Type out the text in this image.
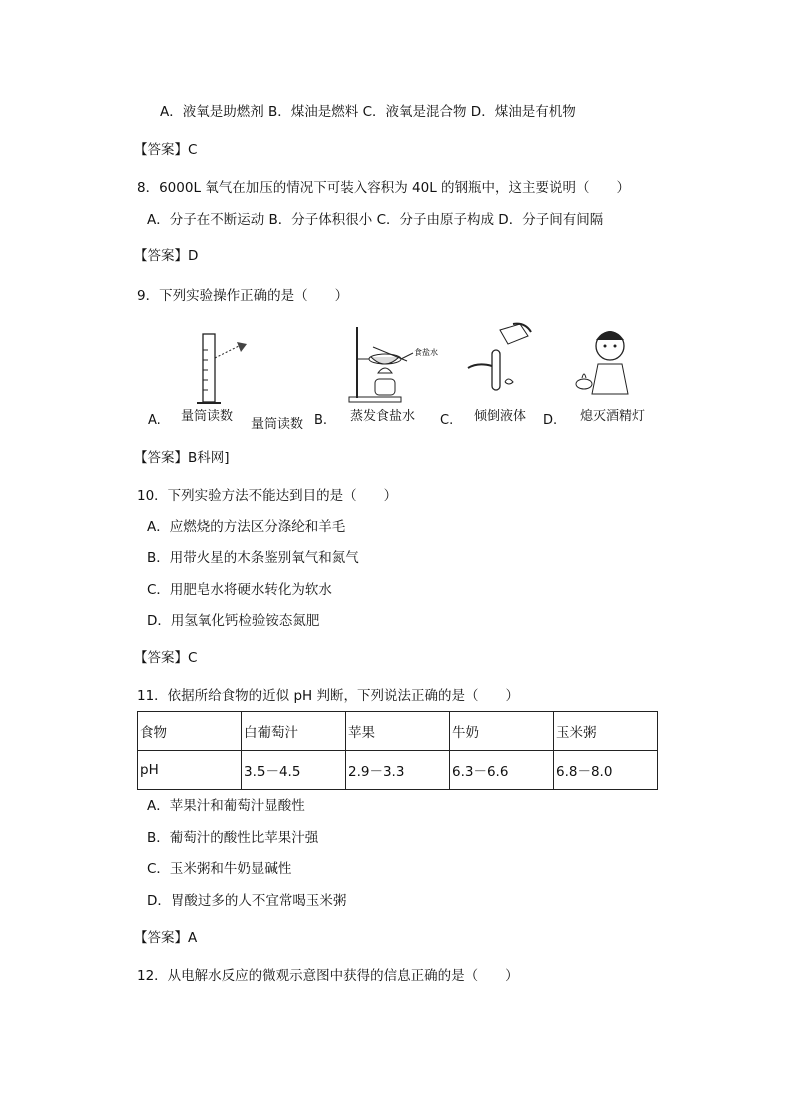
A．液氧是助燃剂 B．煤油是燃料 C．液氧是混合物 D．煤油是有机物
【答案】C
8．6000L 氧气在加压的情况下可装入容积为 40L 的钢瓶中，这主要说明（　　）
A．分子在不断运动 B．分子体积很小 C．分子由原子构成 D．分子间有间隔
【答案】D
9．下列实验操作正确的是（　　）
A. 量筒读数
量筒读数 B.
食盐水
蒸发食盐水 C. 倾倒液体 D. 熄灭酒精灯
【答案】B科网]
10．下列实验方法不能达到目的是（　　）
A．应燃烧的方法区分涤纶和羊毛
B．用带火星的木条鉴别氧气和氮气
C．用肥皂水将硬水转化为软水
D．用氢氧化钙检验铵态氮肥
【答案】C
11．依据所给食物的近似 pH 判断，下列说法正确的是（　　）
食物	白葡萄汁	苹果	牛奶	玉米粥
pH	3.5－4.5	2.9－3.3	6.3－6.6	6.8－8.0
A．苹果汁和葡萄汁显酸性
B．葡萄汁的酸性比苹果汁强
C．玉米粥和牛奶显碱性
D．胃酸过多的人不宜常喝玉米粥
【答案】A
12．从电解水反应的微观示意图中获得的信息正确的是（　　）
